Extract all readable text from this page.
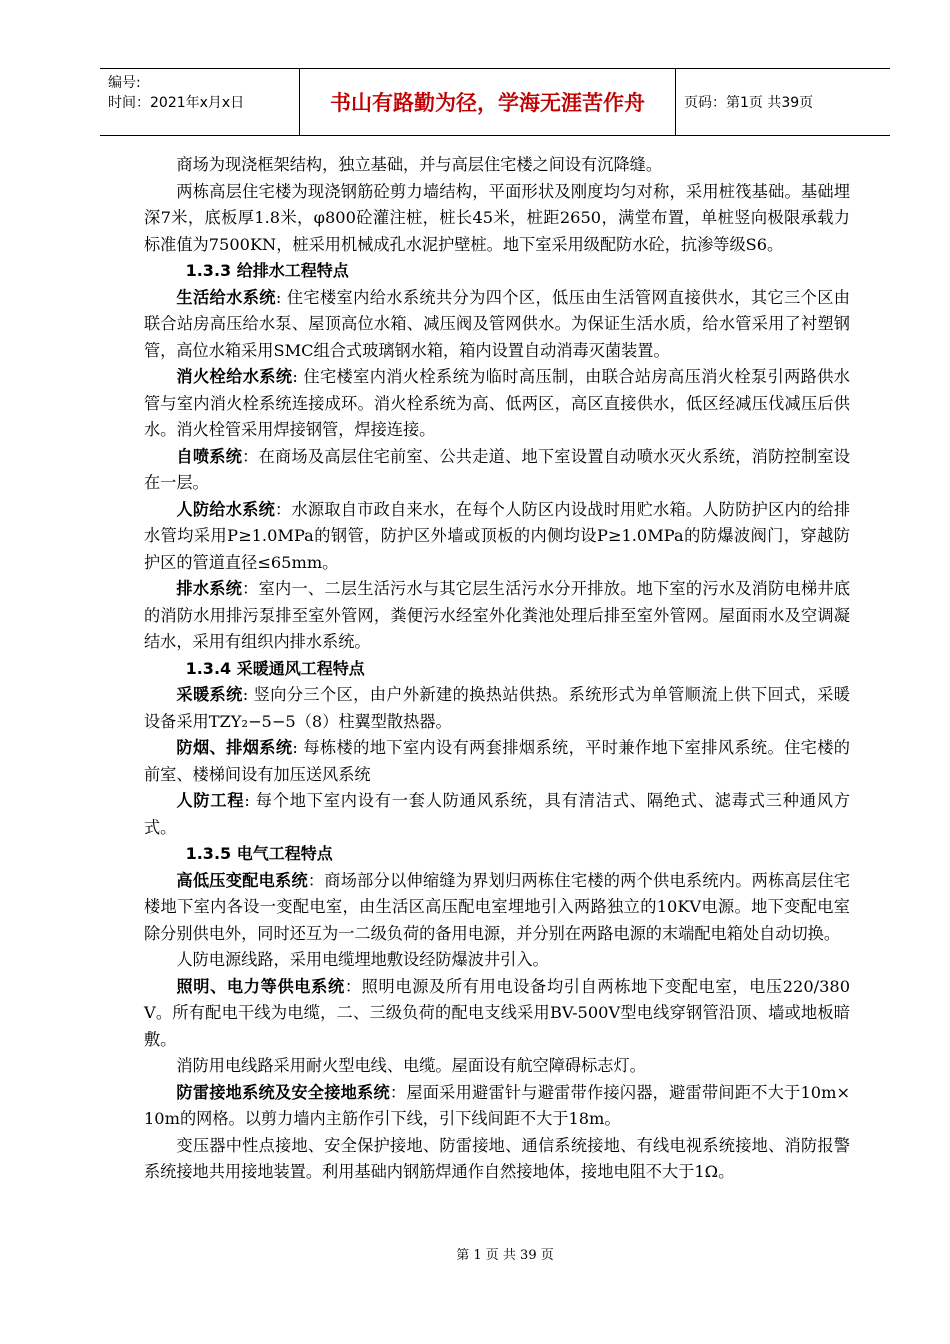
编号:
时间：2021年x月x日	书山有路勤为径，学海无涯苦作舟	页码：第1页 共39页

商场为现浇框架结构，独立基础，并与高层住宅楼之间设有沉降缝。

两栋高层住宅楼为现浇钢筋砼剪力墙结构，平面形状及刚度均匀对称，采用桩筏基础。基础埋深7米，底板厚1.8米，φ800砼灌注桩，桩长45米，桩距2650，满堂布置，单桩竖向极限承载力标准值为7500KN，桩采用机械成孔水泥护壁桩。地下室采用级配防水砼，抗渗等级S6。

1.3.3 给排水工程特点

生活给水系统: 住宅楼室内给水系统共分为四个区，低压由生活管网直接供水，其它三个区由联合站房高压给水泵、屋顶高位水箱、减压阀及管网供水。为保证生活水质，给水管采用了衬塑钢管，高位水箱采用SMC组合式玻璃钢水箱，箱内设置自动消毒灭菌装置。

消火栓给水系统: 住宅楼室内消火栓系统为临时高压制，由联合站房高压消火栓泵引两路供水管与室内消火栓系统连接成环。消火栓系统为高、低两区，高区直接供水，低区经减压伐减压后供水。消火栓管采用焊接钢管，焊接连接。

自喷系统：在商场及高层住宅前室、公共走道、地下室设置自动喷水灭火系统，消防控制室设在一层。

人防给水系统：水源取自市政自来水，在每个人防区内设战时用贮水箱。人防防护区内的给排水管均采用P≥1.0MPa的钢管，防护区外墙或顶板的内侧均设P≥1.0MPa的防爆波阀门，穿越防护区的管道直径≤65mm。

排水系统：室内一、二层生活污水与其它层生活污水分开排放。地下室的污水及消防电梯井底的消防水用排污泵排至室外管网，粪便污水经室外化粪池处理后排至室外管网。屋面雨水及空调凝结水，采用有组织内排水系统。

1.3.4 采暖通风工程特点

采暖系统: 竖向分三个区，由户外新建的换热站供热。系统形式为单管顺流上供下回式，采暖设备采用TZY₂−5−5（8）柱翼型散热器。

防烟、排烟系统: 每栋楼的地下室内设有两套排烟系统，平时兼作地下室排风系统。住宅楼的前室、楼梯间设有加压送风系统

人防工程: 每个地下室内设有一套人防通风系统，具有清洁式、隔绝式、滤毒式三种通风方式。

1.3.5 电气工程特点

高低压变配电系统：商场部分以伸缩缝为界划归两栋住宅楼的两个供电系统内。两栋高层住宅楼地下室内各设一变配电室，由生活区高压配电室埋地引入两路独立的10KV电源。地下变配电室除分别供电外，同时还互为一二级负荷的备用电源，并分别在两路电源的末端配电箱处自动切换。

人防电源线路，采用电缆埋地敷设经防爆波井引入。

照明、电力等供电系统：照明电源及所有用电设备均引自两栋地下变配电室，电压220/380V。所有配电干线为电缆，二、三级负荷的配电支线采用BV-500V型电线穿钢管沿顶、墙或地板暗敷。

消防用电线路采用耐火型电线、电缆。屋面设有航空障碍标志灯。

防雷接地系统及安全接地系统：屋面采用避雷针与避雷带作接闪器，避雷带间距不大于10m×10m的网格。以剪力墙内主筋作引下线，引下线间距不大于18m。

变压器中性点接地、安全保护接地、防雷接地、通信系统接地、有线电视系统接地、消防报警系统接地共用接地装置。利用基础内钢筋焊通作自然接地体，接地电阻不大于1Ω。

第 1 页 共 39 页
